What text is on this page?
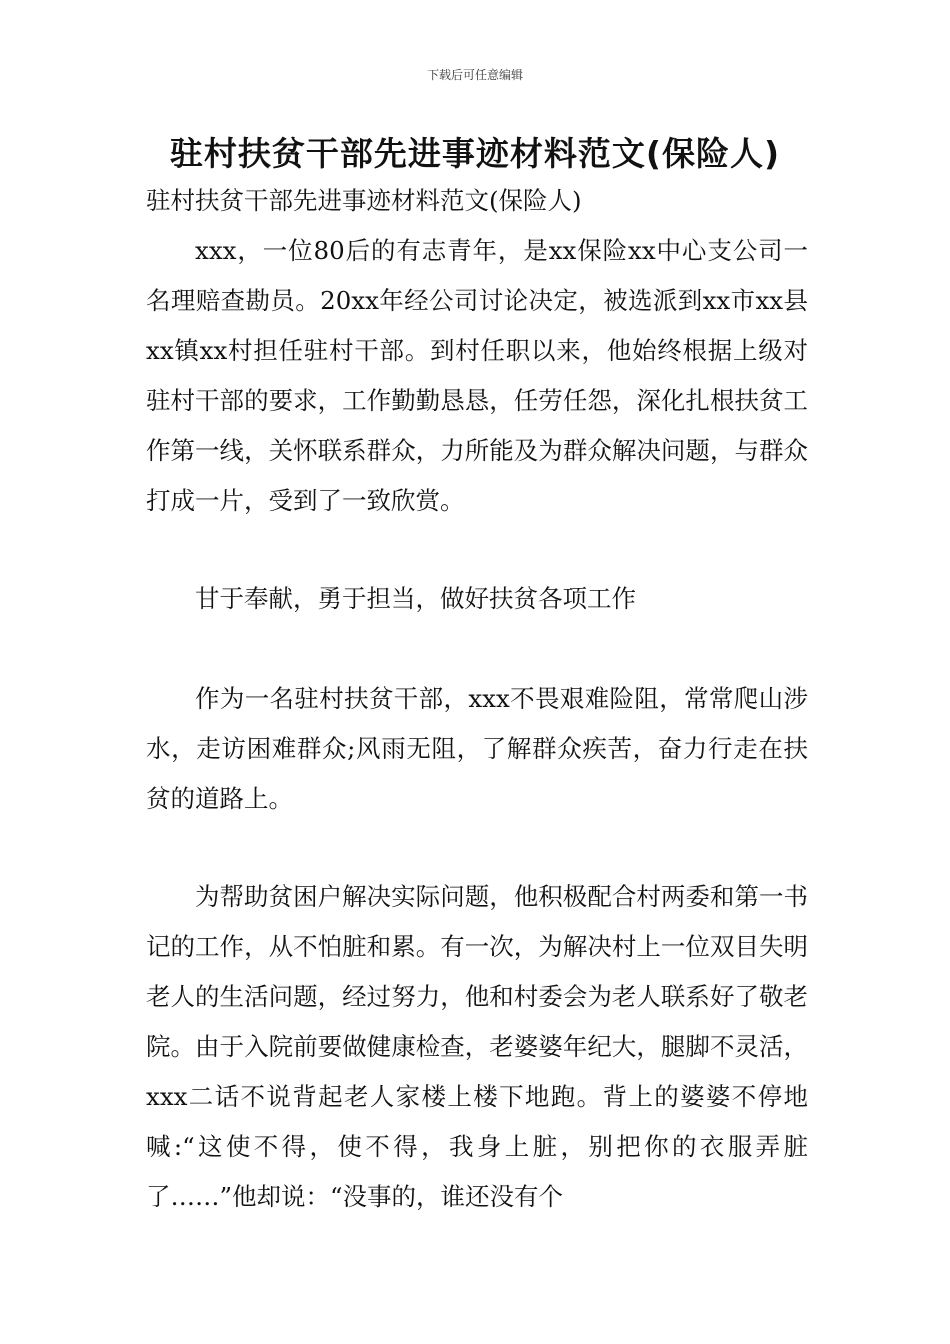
下载后可任意编辑
驻村扶贫干部先进事迹材料范文(保险人)
驻村扶贫干部先进事迹材料范文(保险人)

xxx，一位80后的有志青年，是xx保险xx中心支公司一名理赔查勘员。20xx年经公司讨论决定，被选派到xx市xx县xx镇xx村担任驻村干部。到村任职以来，他始终根据上级对驻村干部的要求，工作勤勤恳恳，任劳任怨，深化扎根扶贫工作第一线，关怀联系群众，力所能及为群众解决问题，与群众打成一片，受到了一致欣赏。

甘于奉献，勇于担当，做好扶贫各项工作

作为一名驻村扶贫干部，xxx不畏艰难险阻，常常爬山涉水，走访困难群众;风雨无阻，了解群众疾苦，奋力行走在扶贫的道路上。

为帮助贫困户解决实际问题，他积极配合村两委和第一书记的工作，从不怕脏和累。有一次，为解决村上一位双目失明老人的生活问题，经过努力，他和村委会为老人联系好了敬老院。由于入院前要做健康检查，老婆婆年纪大，腿脚不灵活，xxx二话不说背起老人家楼上楼下地跑。背上的婆婆不停地喊:“这使不得，使不得，我身上脏，别把你的衣服弄脏了……”他却说：“没事的，谁还没有个
